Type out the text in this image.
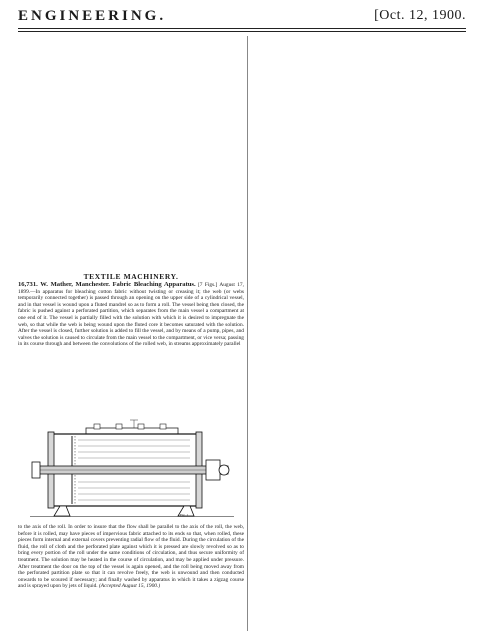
ENGINEERING.	[Oct. 12, 1900.
TEXTILE MACHINERY.

16,731. W. Mather, Manchester. Fabric Bleaching Apparatus. [7 Figs.] August 17, 1899.—In apparatus for bleaching cotton fabric without twisting or creasing it; the web (or webs temporarily connected together) is passed through an opening on the upper side of a cylindrical vessel, and in that vessel is wound upon a fluted mandrel so as to form a roll. The vessel being then closed, the fabric is pushed against a perforated partition, which separates from the main vessel a compartment at one end of it. The vessel is partially filled with the solution with which it is desired to impregnate the web, so that while the web is being wound upon the fluted core it becomes saturated with the solution. After the vessel is closed, further solution is added to fill the vessel, and by means of a pump, pipes, and valves the solution is caused to circulate from the main vessel to the compartment, or vice versa; passing in its course through and between the convolutions of the rolled web, in streams approximately parallel

Fig. 1

to the axis of the roll. In order to insure that the flow shall be parallel to the axis of the roll, the web, before it is rolled, may have pieces of impervious fabric attached to its ends so that, when rolled, these pieces form internal and external covers preventing radial flow of the fluid. During the circulation of the fluid, the roll of cloth and the perforated plate against which it is pressed are slowly revolved so as to bring every portion of the roll under the same conditions of circulation, and thus secure uniformity of treatment. The solution may be heated in the course of circulation, and may be applied under pressure. After treatment the door on the top of the vessel is again opened, and the roll being moved away from the perforated partition plate so that it can revolve freely, the web is unwound and then conducted onwards to be scoured if necessary; and finally washed by apparatus in which it takes a zigzag course and is sprayed upon by jets of liquid. (Accepted August 15, 1900.)
